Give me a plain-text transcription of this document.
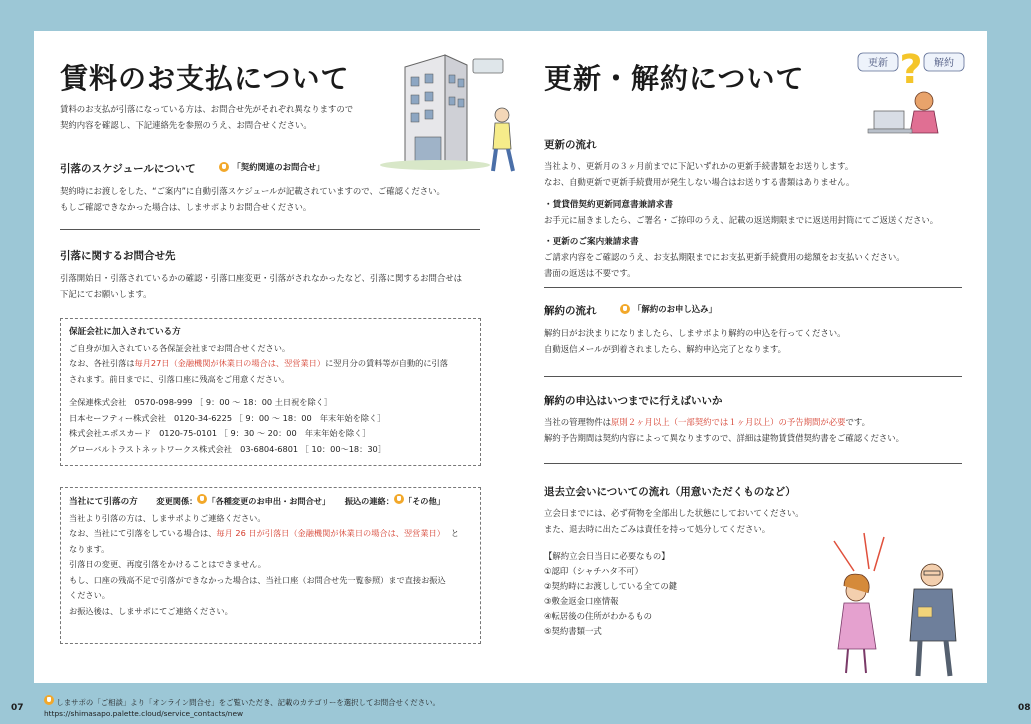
賃料のお支払について

賃料のお支払が引落になっている方は、お問合せ先がそれぞれ異なりますので
契約内容を確認し、下記連絡先を参照のうえ、お問合せください。

引落のスケジュールについて	「契約関連のお問合せ」

契約時にお渡しをした、“ご案内”に自動引落スケジュールが記載されていますので、ご確認ください。
もしご確認できなかった場合は、しまサポよりお問合せください。

引落に関するお問合せ先

引落開始日・引落されているかの確認・引落口座変更・引落がされなかったなど、引落に関するお問合せは
下記にてお願いします。

保証会社に加入されている方

ご自身が加入されている各保証会社までお問合せください。

なお、各社引落は毎月27日（金融機関が休業日の場合は、翌営業日）に翌月分の賃料等が自動的に引落

されます。前日までに、引落口座に残高をご用意ください。

全保連株式会社　0570-098-999 ［ 9：00 ～ 18：00 土日祝を除く］

日本セーフティー株式会社　0120-34-6225 ［ 9：00 ～ 18：00　年末年始を除く］

株式会社エポスカード　0120-75-0101 ［ 9：30 ～ 20：00　年末年始を除く］

グローバルトラストネットワークス株式会社　03-6804-6801 ［ 10：00～18：30］

当社にて引落の方 変更関係： 「各種変更のお申出・お問合せ」 振込の連絡： 「その他」

当社より引落の方は、しまサポよりご連絡ください。

なお、当社にて引落をしている場合は、毎月 26 日が引落日（金融機関が休業日の場合は、翌営業日） と

なります。

引落日の変更、再度引落をかけることはできません。

もし、口座の残高不足で引落ができなかった場合は、当社口座（お問合せ先一覧参照）まで直接お振込

ください。

お振込後は、しまサポにてご連絡ください。

07
更新・解約について
更新の流れ

当社より、更新月の３ヶ月前までに下記いずれかの更新手続書類をお送りします。
なお、自動更新で更新手続費用が発生しない場合はお送りする書類はありません。

・賃貸借契約更新同意書兼請求書

お手元に届きましたら、ご署名・ご捺印のうえ、記載の返送期限までに返送用封筒にてご返送ください。

・更新のご案内兼請求書

ご請求内容をご確認のうえ、お支払期限までにお支払更新手続費用の総額をお支払いください。
書面の返送は不要です。

解約の流れ	「解約のお申し込み」

解約日がお決まりになりましたら、しまサポより解約の申込を行ってください。
自動返信メールが到着されましたら、解約申込完了となります。

解約の申込はいつまでに行えばいいか

当社の管理物件は原則２ヶ月以上（一部契約では１ヶ月以上）の予告期間が必要です。
解約予告期間は契約内容によって異なりますので、詳細は建物賃貸借契約書をご確認ください。

退去立会いについての流れ（用意いただくものなど）

立会日までには、必ず荷物を全部出した状態にしておいてください。
また、退去時に出たごみは責任を持って処分してください。

【解約立会日当日に必要なもの】
①認印（シャチハタ不可）
②契約時にお渡ししている全ての鍵
③敷金返金口座情報
④転居後の住所がわかるもの
⑤契約書類一式

更新	解約
?
08
しまサポの「ご相談」より「オンライン問合せ」をご覧いただき、記載のカテゴリーを選択してお問合せください。
https://shimasapo.palette.cloud/service_contacts/new
